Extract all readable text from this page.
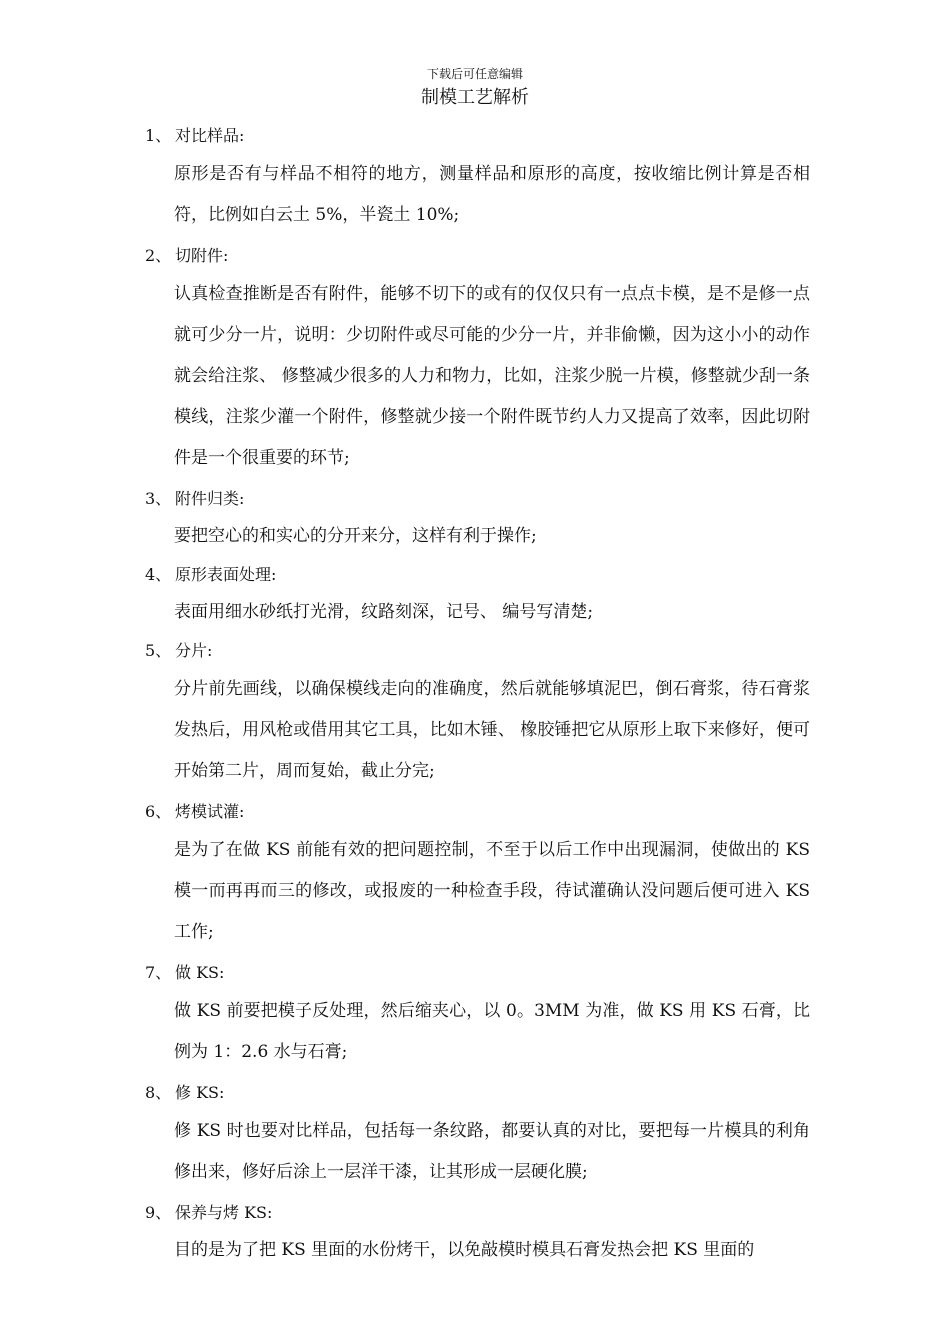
下载后可任意编辑
制模工艺解析
1、 对比样品:
原形是否有与样品不相符的地方，测量样品和原形的高度，按收缩比例计算是否相符，比例如白云土 5%，半瓷土 10%;
2、 切附件:
认真检查推断是否有附件，能够不切下的或有的仅仅只有一点点卡模，是不是修一点就可少分一片，说明：少切附件或尽可能的少分一片，并非偷懒，因为这小小的动作就会给注浆、 修整减少很多的人力和物力，比如，注浆少脱一片模，修整就少刮一条模线，注浆少灌一个附件，修整就少接一个附件既节约人力又提高了效率，因此切附件是一个很重要的环节;
3、 附件归类:
要把空心的和实心的分开来分，这样有利于操作;
4、 原形表面处理:
表面用细水砂纸打光滑，纹路刻深，记号、 编号写清楚;
5、 分片:
分片前先画线，以确保模线走向的准确度，然后就能够填泥巴，倒石膏浆，待石膏浆发热后，用风枪或借用其它工具，比如木锤、 橡胶锤把它从原形上取下来修好，便可开始第二片，周而复始，截止分完;
6、 烤模试灌:
是为了在做 KS 前能有效的把问题控制，不至于以后工作中出现漏洞，使做出的 KS 模一而再再而三的修改，或报废的一种检查手段，待试灌确认没问题后便可进入 KS 工作;
7、 做 KS:
做 KS 前要把模子反处理，然后缩夹心，以 0。3MM 为准，做 KS 用 KS 石膏，比例为 1：2.6 水与石膏;
8、 修 KS:
修 KS 时也要对比样品，包括每一条纹路，都要认真的对比，要把每一片模具的利角修出来，修好后涂上一层洋干漆，让其形成一层硬化膜;
9、 保养与烤 KS:
目的是为了把 KS 里面的水份烤干，以免敲模时模具石膏发热会把 KS 里面的
